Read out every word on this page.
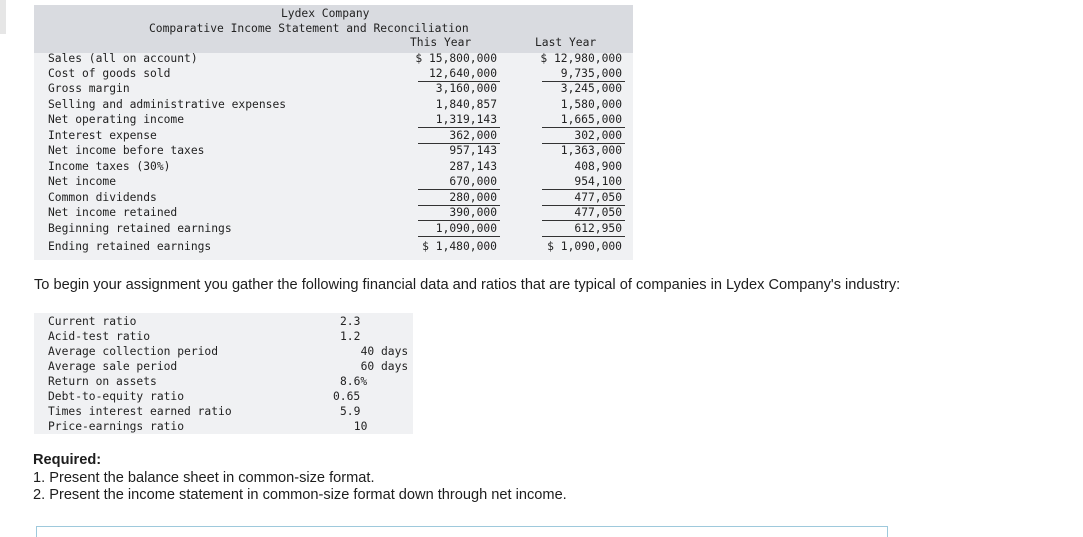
Lydex Company
Comparative Income Statement and Reconciliation
This Year	Last Year
Sales (all on account)	$ 15,800,000	$ 12,980,000
Cost of goods sold	12,640,000	9,735,000
Gross margin	3,160,000	3,245,000
Selling and administrative expenses	1,840,857	1,580,000
Net operating income	1,319,143	1,665,000
Interest expense	362,000	302,000
Net income before taxes	957,143	1,363,000
Income taxes (30%)	287,143	408,900
Net income	670,000	954,100
Common dividends	280,000	477,050
Net income retained	390,000	477,050
Beginning retained earnings	1,090,000	612,950
Ending retained earnings	$ 1,480,000	$ 1,090,000
To begin your assignment you gather the following financial data and ratios that are typical of companies in Lydex Company's industry:
Current ratio	2.3
Acid-test ratio	1.2
Average collection period	40 days
Average sale period	60 days
Return on assets	8.6%
Debt-to-equity ratio	0.65
Times interest earned ratio	5.9
Price-earnings ratio	10
Required:
1. Present the balance sheet in common-size format.
2. Present the income statement in common-size format down through net income.
